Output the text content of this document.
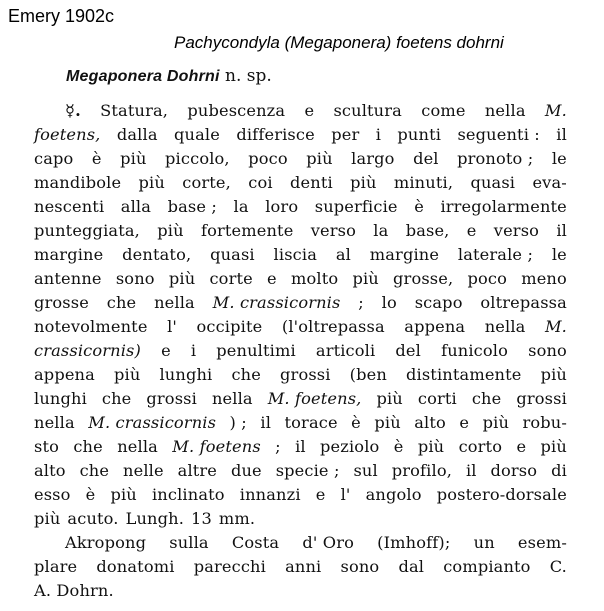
Emery 1902c
Pachycondyla (Megaponera) foetens dohrni
Megaponera Dohrni n. sp.
☿. Statura, pubescenza e scultura come nella M.
foetens, dalla quale differisce per i punti seguenti : il
capo è più piccolo, poco più largo del pronoto ; le
mandibole più corte, coi denti più minuti, quasi eva-
nescenti alla base ; la loro superficie è irregolarmente
punteggiata, più fortemente verso la base, e verso il
margine dentato, quasi liscia al margine laterale ; le
antenne sono più corte e molto più grosse, poco meno
grosse che nella M. crassicornis ; lo scapo oltrepassa
notevolmente l' occipite (l'oltrepassa appena nella M.
crassicornis) e i penultimi articoli del funicolo sono
appena più lunghi che grossi (ben distintamente più
lunghi che grossi nella M. foetens, più corti che grossi
nella M. crassicornis ) ; il torace è più alto e più robu-
sto che nella M. foetens ; il peziolo è più corto e più
alto che nelle altre due specie ; sul profilo, il dorso di
esso è più inclinato innanzi e l' angolo postero-dorsale
più acuto. Lungh. 13 mm.
Akropong sulla Costa d' Oro (Imhoff); un esem-
plare donatomi parecchi anni sono dal compianto C.
A. Dohrn.
